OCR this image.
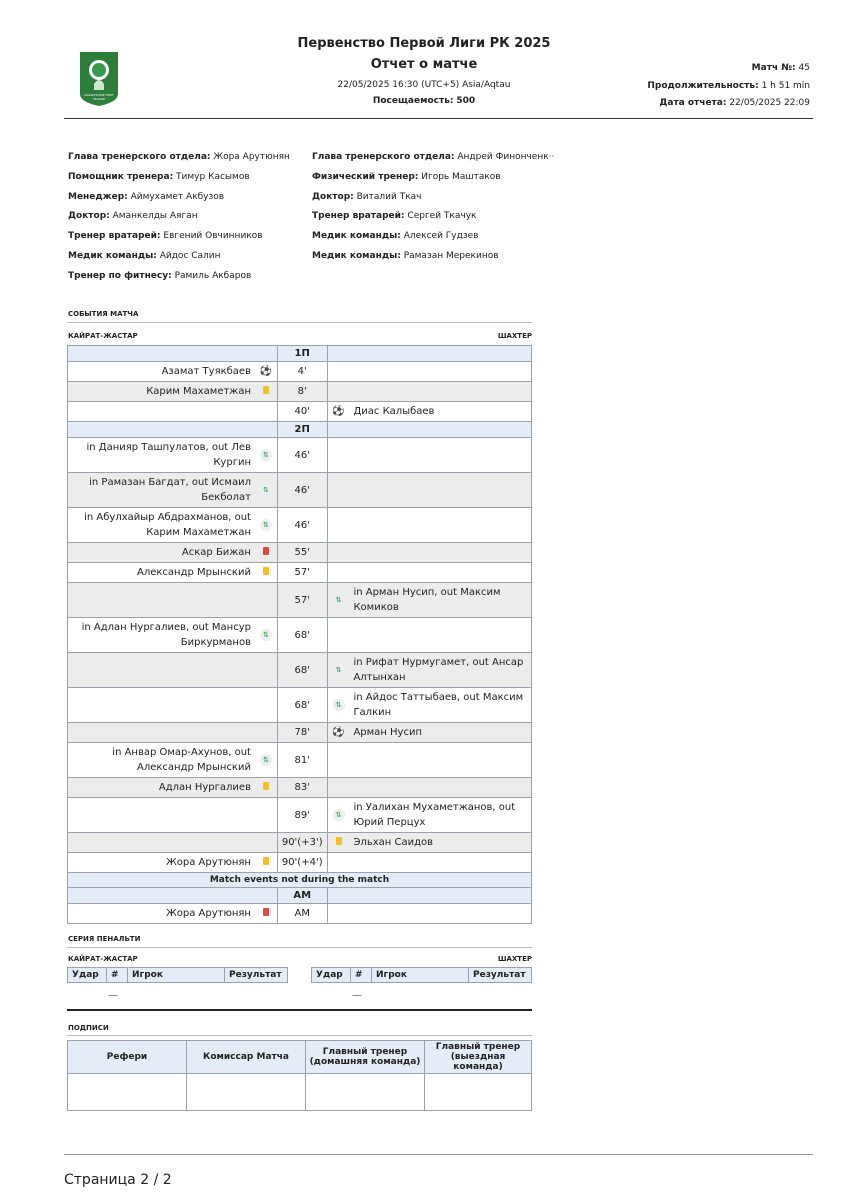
KAZAKHSTAN FIRST LEAGUE
Первенство Первой Лиги РК 2025
Отчет о матче
22/05/2025 16:30 (UTC+5) Asia/Aqtau
Посещаемость: 500
Матч №: 45
Продолжительность: 1 h 51 min
Дата отчета: 22/05/2025 22:09
Глава тренерского отдела: Жора Арутюнян
Помощник тренера: Тимур Касымов
Менеджер: Аймухамет Акбузов
Доктор: Аманкелды Аяган
Тренер вратарей: Евгений Овчинников
Медик команды: Айдос Салин
Тренер по фитнесу: Рамиль Акбаров
Глава тренерского отдела: Андрей Финонченк··
Физический тренер: Игорь Маштаков
Доктор: Виталий Ткач
Тренер вратарей: Сергей Ткачук
Медик команды: Алексей Гудзев
Медик команды: Рамазан Мерекинов
СОБЫТИЯ МАТЧА
КАЙРАТ-ЖАСТАР	ШАХТЕР
		1П		
Азамат Туякбаев	⚽	4'		
Карим Махаметжан		8'		
		40'	⚽	Диас Калыбаев
		2П		
in Данияр Ташпулатов, out Лев Кургин	⇅	46'		
in Рамазан Багдат, out Исмаил Бекболат	⇅	46'		
in Абулхайыр Абдрахманов, out Карим Махаметжан	⇅	46'		
Аскар Бижан		55'		
Александр Мрынский		57'		
		57'	⇅	in Арман Нусип, out Максим Комиков
in Адлан Нургалиев, out Мансур Биркурманов	⇅	68'		
		68'	⇅	in Рифат Нурмугамет, out Ансар Алтынхан
		68'	⇅	in Айдос Таттыбаев, out Максим Галкин
		78'	⚽	Арман Нусип
in Анвар Омар-Ахунов, out Александр Мрынский	⇅	81'		
Адлан Нургалиев		83'		
		89'	⇅	in Уалихан Мухаметжанов, out Юрий Перцух
		90'(+3')		Эльхан Саидов
Жора Арутюнян		90'(+4')		
Match events not during the match				
		AM		
Жора Арутюнян		AM		
СЕРИЯ ПЕНАЛЬТИ
КАЙРАТ-ЖАСТАР	ШАХТЕР
Удар	#	Игрок	Результат	Удар	#	Игрок	Результат
—	—
ПОДПИСИ
Рефери	Комиссар Матча	Главный тренер (домашняя команда)	Главный тренер (выездная команда)

Страница 2 / 2
